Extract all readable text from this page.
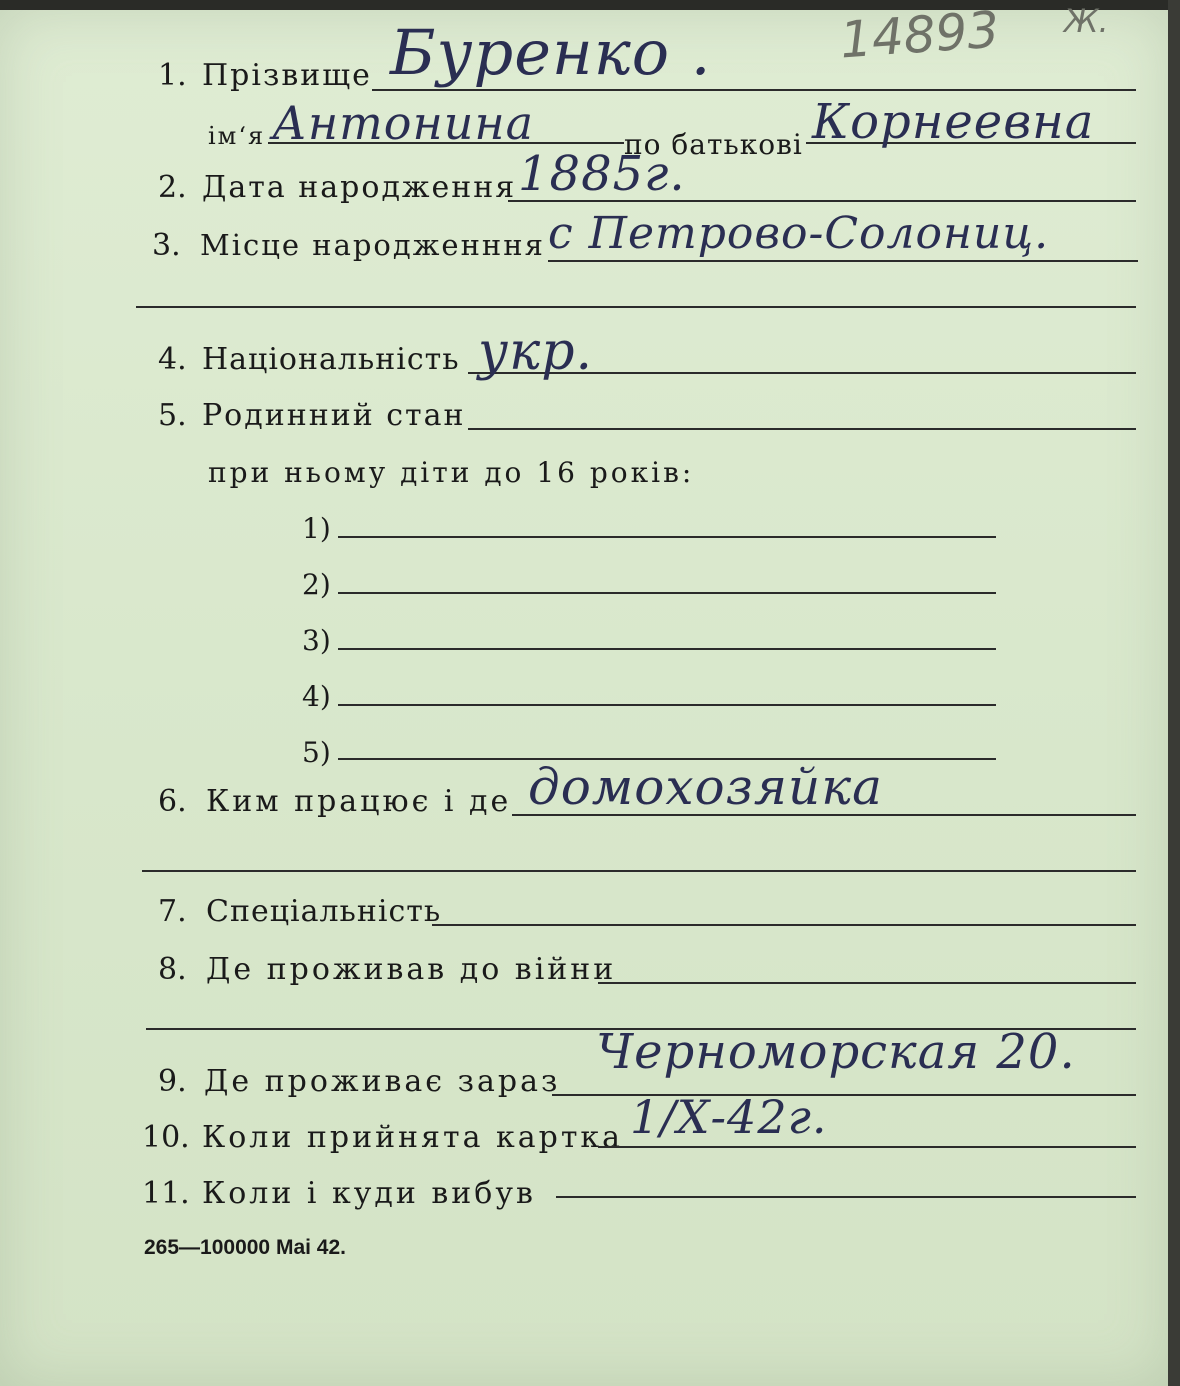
14893 Ж.
1. Прізвище Буренко .
ім‘я Антонина	по батькові Корнеевна
2. Дата народження 1885г.
3. Місце народженння с Петрово-Солониц.
4. Національність укр.
5. Родинний стан
при ньому діти до 16 років:
1)
2)
3)
4)
5)
6. Ким працює і де домохозяйка
7. Спеціальність
8. Де проживав до війни
9. Де проживає зараз
Черноморская 20.
10. Коли прийнята картка 1/Х-42г.
11. Коли і куди вибув
265—100000 Mai 42.
